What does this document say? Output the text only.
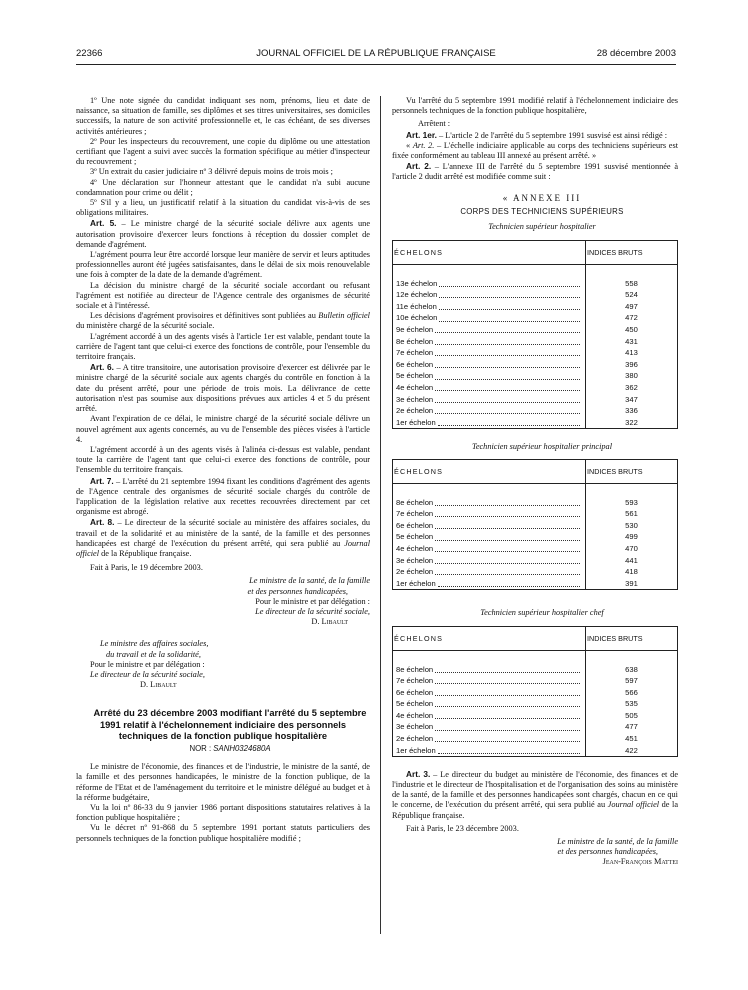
22366	JOURNAL OFFICIEL DE LA RÉPUBLIQUE FRANÇAISE	28 décembre 2003

1º Une note signée du candidat indiquant ses nom, prénoms, lieu et date de naissance, sa situation de famille, ses diplômes et ses titres universitaires, ses domiciles successifs, la nature de son activité professionnelle et, le cas échéant, de ses diverses activités antérieures ;

2º Pour les inspecteurs du recouvrement, une copie du diplôme ou une attestation certifiant que l'agent a suivi avec succès la formation spécifique au métier d'inspecteur du recouvrement ;

3º Un extrait du casier judiciaire nº 3 délivré depuis moins de trois mois ;

4º Une déclaration sur l'honneur attestant que le candidat n'a subi aucune condamnation pour crime ou délit ;

5º S'il y a lieu, un justificatif relatif à la situation du candidat vis-à-vis de ses obligations militaires.

Art. 5. – Le ministre chargé de la sécurité sociale délivre aux agents une autorisation provisoire d'exercer leurs fonctions à réception du dossier complet de demande d'agrément.

L'agrément pourra leur être accordé lorsque leur manière de servir et leurs aptitudes professionnelles auront été jugées satisfaisantes, dans le délai de six mois renouvelable une fois à compter de la date de la demande d'agrément.

La décision du ministre chargé de la sécurité sociale accordant ou refusant l'agrément est notifiée au directeur de l'Agence centrale des organismes de sécurité sociale et à l'intéressé.

Les décisions d'agrément provisoires et définitives sont publiées au Bulletin officiel du ministère chargé de la sécurité sociale.

L'agrément accordé à un des agents visés à l'article 1er est valable, pendant toute la carrière de l'agent tant que celui-ci exerce des fonctions de contrôle, pour l'ensemble du territoire français.

Art. 6. – A titre transitoire, une autorisation provisoire d'exercer est délivrée par le ministre chargé de la sécurité sociale aux agents chargés du contrôle en fonction à la date du présent arrêté, pour une période de trois mois. La délivrance de cette autorisation n'est pas soumise aux dispositions prévues aux articles 4 et 5 du présent arrêté.

Avant l'expiration de ce délai, le ministre chargé de la sécurité sociale délivre un nouvel agrément aux agents concernés, au vu de l'ensemble des pièces visées à l'article 4.

L'agrément accordé à un des agents visés à l'alinéa ci-dessus est valable, pendant toute la carrière de l'agent tant que celui-ci exerce des fonctions de contrôle, pour l'ensemble du territoire français.

Art. 7. – L'arrêté du 21 septembre 1994 fixant les conditions d'agrément des agents de l'Agence centrale des organismes de sécurité sociale chargés du contrôle de l'application de la législation relative aux recettes recouvrées directement par cet organisme est abrogé.

Art. 8. – Le directeur de la sécurité sociale au ministère des affaires sociales, du travail et de la solidarité et au ministère de la santé, de la famille et des personnes handicapées est chargé de l'exécution du présent arrêté, qui sera publié au Journal officiel de la République française.

Fait à Paris, le 19 décembre 2003.

Le ministre de la santé, de la famille

et des personnes handicapées,

Pour le ministre et par délégation :

Le directeur de la sécurité sociale,

D. Libault

Le ministre des affaires sociales,

du travail et de la solidarité,

Pour le ministre et par délégation :

Le directeur de la sécurité sociale,

D. Libault

Arrêté du 23 décembre 2003 modifiant l'arrêté du 5 septembre 1991 relatif à l'échelonnement indiciaire des personnels techniques de la fonction publique hospitalière

NOR : SANH0324680A

Le ministre de l'économie, des finances et de l'industrie, le ministre de la santé, de la famille et des personnes handicapées, le ministre de la fonction publique, de la réforme de l'Etat et de l'aménagement du territoire et le ministre délégué au budget et à la réforme budgétaire,

Vu la loi nº 86-33 du 9 janvier 1986 portant dispositions statutaires relatives à la fonction publique hospitalière ;

Vu le décret nº 91-868 du 5 septembre 1991 portant statuts particuliers des personnels techniques de la fonction publique hospitalière modifié ;

Vu l'arrêté du 5 septembre 1991 modifié relatif à l'échelonnement indiciaire des personnels techniques de la fonction publique hospitalière,

Arrêtent :

Art. 1er. – L'article 2 de l'arrêté du 5 septembre 1991 susvisé est ainsi rédigé :

« Art. 2. – L'échelle indiciaire applicable au corps des techniciens supérieurs est fixée conformément au tableau III annexé au présent arrêté. »

Art. 2. – L'annexe III de l'arrêté du 5 septembre 1991 susvisé mentionnée à l'article 2 dudit arrêté est modifiée comme suit :

« ANNEXE III

CORPS DES TECHNICIENS SUPÉRIEURS

Technicien supérieur hospitalier

ÉCHELONS	INDICES BRUTS

13e échelon	558

12e échelon	524

11e échelon	497

10e échelon	472

9e échelon	450

8e échelon	431

7e échelon	413

6e échelon	396

5e échelon	380

4e échelon	362

3e échelon	347

2e échelon	336

1er échelon	322

Technicien supérieur hospitalier principal

ÉCHELONS	INDICES BRUTS

8e échelon	593

7e échelon	561

6e échelon	530

5e échelon	499

4e échelon	470

3e échelon	441

2e échelon	418

1er échelon	391

Technicien supérieur hospitalier chef

ÉCHELONS	INDICES BRUTS

8e échelon	638

7e échelon	597

6e échelon	566

5e échelon	535

4e échelon	505

3e échelon	477

2e échelon	451

1er échelon	422

Art. 3. – Le directeur du budget au ministère de l'économie, des finances et de l'industrie et le directeur de l'hospitalisation et de l'organisation des soins au ministère de la santé, de la famille et des personnes handicapées sont chargés, chacun en ce qui le concerne, de l'exécution du présent arrêté, qui sera publié au Journal officiel de la République française.

Fait à Paris, le 23 décembre 2003.

Le ministre de la santé, de la famille

et des personnes handicapées,

Jean-François Mattei
